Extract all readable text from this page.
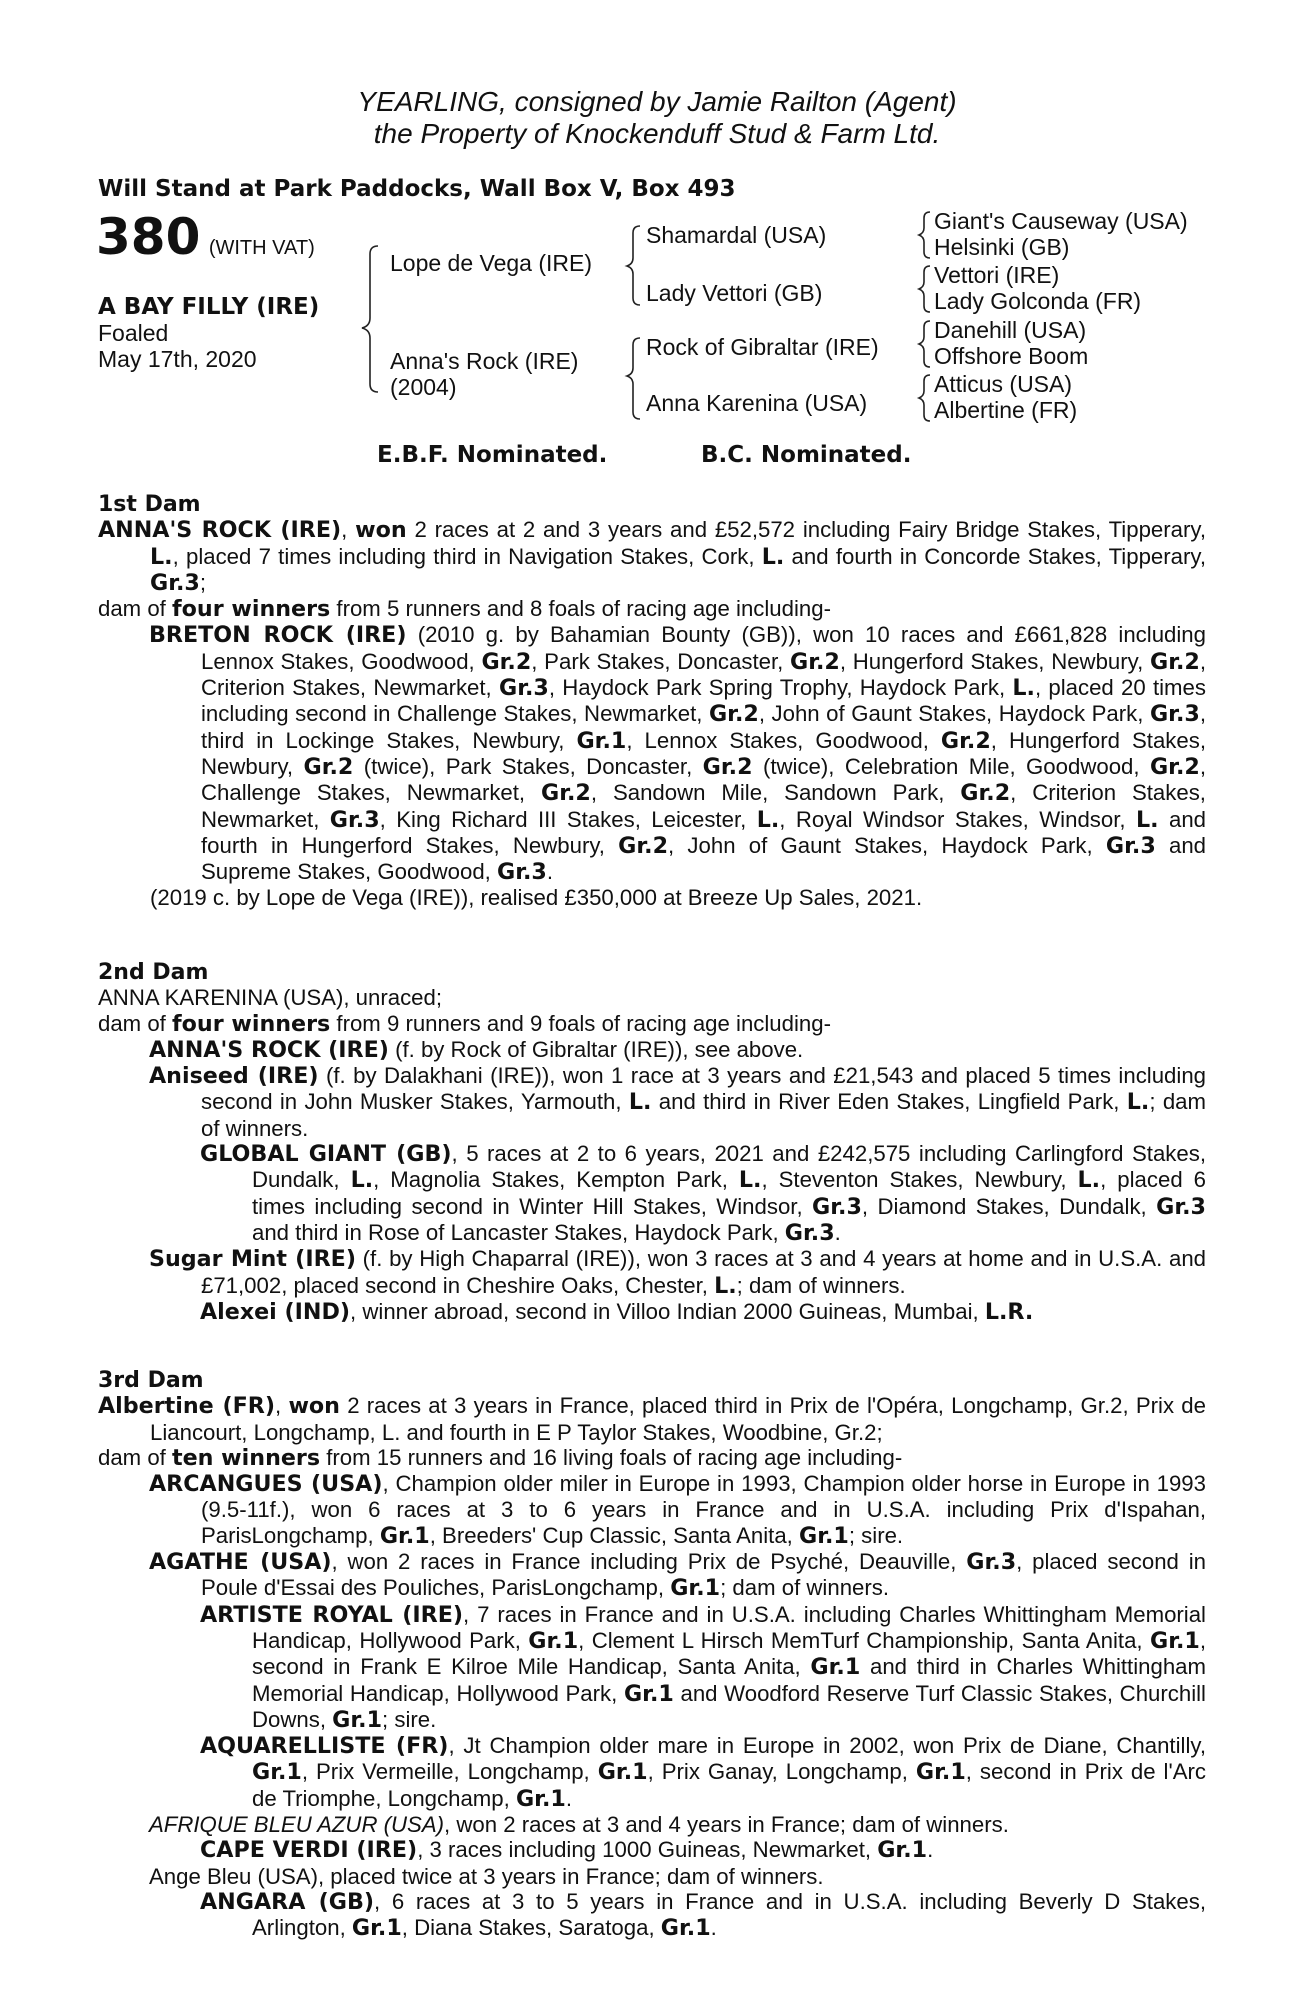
YEARLING, consigned by Jamie Railton (Agent)
the Property of Knockenduff Stud & Farm Ltd.
Will Stand at Park Paddocks, Wall Box V, Box 493
380 (WITH VAT)
A BAY FILLY (IRE)
Foaled
May 17th, 2020
Lope de Vega (IRE)
Anna's Rock (IRE)
(2004)
Shamardal (USA)
Lady Vettori (GB)
Rock of Gibraltar (IRE)
Anna Karenina (USA)
Giant's Causeway (USA)
Helsinki (GB)
Vettori (IRE)
Lady Golconda (FR)
Danehill (USA)
Offshore Boom
Atticus (USA)
Albertine (FR)
E.B.F. Nominated.	B.C. Nominated.

1st Dam

ANNA'S ROCK (IRE), won 2 races at 2 and 3 years and £52,572 including Fairy Bridge Stakes, Tipperary, L., placed 7 times including third in Navigation Stakes, Cork, L. and fourth in Concorde Stakes, Tipperary, Gr.3;

dam of four winners from 5 runners and 8 foals of racing age including-

BRETON ROCK (IRE) (2010 g. by Bahamian Bounty (GB)), won 10 races and £661,828 including Lennox Stakes, Goodwood, Gr.2, Park Stakes, Doncaster, Gr.2, Hungerford Stakes, Newbury, Gr.2, Criterion Stakes, Newmarket, Gr.3, Haydock Park Spring Trophy, Haydock Park, L., placed 20 times including second in Challenge Stakes, Newmarket, Gr.2, John of Gaunt Stakes, Haydock Park, Gr.3, third in Lockinge Stakes, Newbury, Gr.1, Lennox Stakes, Goodwood, Gr.2, Hungerford Stakes, Newbury, Gr.2 (twice), Park Stakes, Doncaster, Gr.2 (twice), Celebration Mile, Goodwood, Gr.2, Challenge Stakes, Newmarket, Gr.2, Sandown Mile, Sandown Park, Gr.2, Criterion Stakes, Newmarket, Gr.3, King Richard III Stakes, Leicester, L., Royal Windsor Stakes, Windsor, L. and fourth in Hungerford Stakes, Newbury, Gr.2, John of Gaunt Stakes, Haydock Park, Gr.3 and Supreme Stakes, Goodwood, Gr.3.

(2019 c. by Lope de Vega (IRE)), realised £350,000 at Breeze Up Sales, 2021.

2nd Dam

ANNA KARENINA (USA), unraced;

dam of four winners from 9 runners and 9 foals of racing age including-

ANNA'S ROCK (IRE) (f. by Rock of Gibraltar (IRE)), see above.

Aniseed (IRE) (f. by Dalakhani (IRE)), won 1 race at 3 years and £21,543 and placed 5 times including second in John Musker Stakes, Yarmouth, L. and third in River Eden Stakes, Lingfield Park, L.; dam of winners.

GLOBAL GIANT (GB), 5 races at 2 to 6 years, 2021 and £242,575 including Carlingford Stakes, Dundalk, L., Magnolia Stakes, Kempton Park, L., Steventon Stakes, Newbury, L., placed 6 times including second in Winter Hill Stakes, Windsor, Gr.3, Diamond Stakes, Dundalk, Gr.3 and third in Rose of Lancaster Stakes, Haydock Park, Gr.3.

Sugar Mint (IRE) (f. by High Chaparral (IRE)), won 3 races at 3 and 4 years at home and in U.S.A. and £71,002, placed second in Cheshire Oaks, Chester, L.; dam of winners.

Alexei (IND), winner abroad, second in Villoo Indian 2000 Guineas, Mumbai, L.R.

3rd Dam

Albertine (FR), won 2 races at 3 years in France, placed third in Prix de l'Opéra, Longchamp, Gr.2, Prix de Liancourt, Longchamp, L. and fourth in E P Taylor Stakes, Woodbine, Gr.2;

dam of ten winners from 15 runners and 16 living foals of racing age including-

ARCANGUES (USA), Champion older miler in Europe in 1993, Champion older horse in Europe in 1993 (9.5-11f.), won 6 races at 3 to 6 years in France and in U.S.A. including Prix d'Ispahan, ParisLongchamp, Gr.1, Breeders' Cup Classic, Santa Anita, Gr.1; sire.

AGATHE (USA), won 2 races in France including Prix de Psyché, Deauville, Gr.3, placed second in Poule d'Essai des Pouliches, ParisLongchamp, Gr.1; dam of winners.

ARTISTE ROYAL (IRE), 7 races in France and in U.S.A. including Charles Whittingham Memorial Handicap, Hollywood Park, Gr.1, Clement L Hirsch MemTurf Championship, Santa Anita, Gr.1, second in Frank E Kilroe Mile Handicap, Santa Anita, Gr.1 and third in Charles Whittingham Memorial Handicap, Hollywood Park, Gr.1 and Woodford Reserve Turf Classic Stakes, Churchill Downs, Gr.1; sire.

AQUARELLISTE (FR), Jt Champion older mare in Europe in 2002, won Prix de Diane, Chantilly, Gr.1, Prix Vermeille, Longchamp, Gr.1, Prix Ganay, Longchamp, Gr.1, second in Prix de l'Arc de Triomphe, Longchamp, Gr.1.

AFRIQUE BLEU AZUR (USA), won 2 races at 3 and 4 years in France; dam of winners.

CAPE VERDI (IRE), 3 races including 1000 Guineas, Newmarket, Gr.1.

Ange Bleu (USA), placed twice at 3 years in France; dam of winners.

ANGARA (GB), 6 races at 3 to 5 years in France and in U.S.A. including Beverly D Stakes, Arlington, Gr.1, Diana Stakes, Saratoga, Gr.1.
